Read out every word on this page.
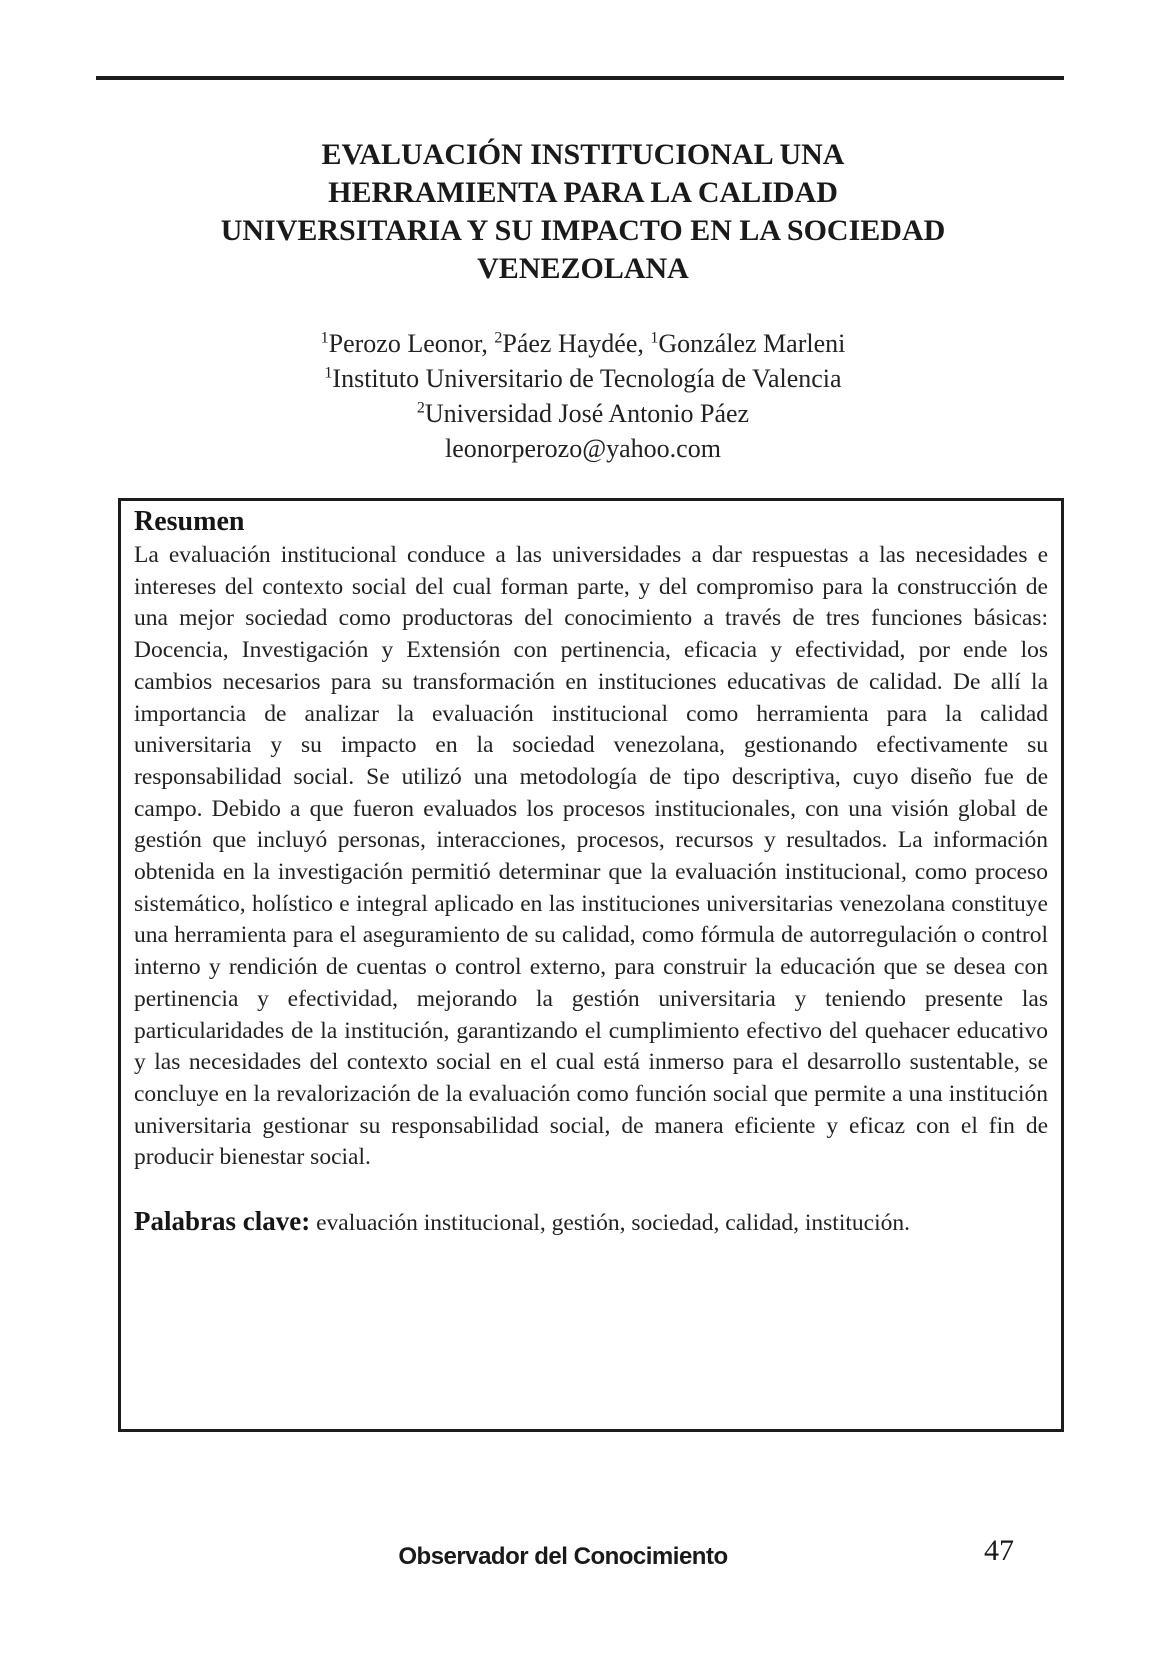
EVALUACIÓN INSTITUCIONAL UNA
HERRAMIENTA PARA LA CALIDAD
UNIVERSITARIA Y SU IMPACTO EN LA SOCIEDAD
VENEZOLANA
$^1$Perozo Leonor, $^2$Páez Haydée, $^1$González Marleni
$^1$Instituto Universitario de Tecnología de Valencia
$^2$Universidad José Antonio Páez
leonorperozo@yahoo.com
Resumen

La evaluación institucional conduce a las universidades a dar respuestas a las necesidades e intereses del contexto social del cual forman parte, y del compromiso para la construcción de una mejor sociedad como productoras del conocimiento a través de tres funciones básicas: Docencia, Investigación y Extensión con pertinencia, eficacia y efectividad, por ende los cambios necesarios para su transformación en instituciones educativas de calidad. De allí la importancia de analizar la evaluación institucional como herramienta para la calidad universitaria y su impacto en la sociedad venezolana, gestionando efectivamente su responsabilidad social. Se utilizó una metodología de tipo descriptiva, cuyo diseño fue de campo. Debido a que fueron evaluados los procesos institucionales, con una visión global de gestión que incluyó personas, interacciones, procesos, recursos y resultados. La información obtenida en la investigación permitió determinar que la evaluación institucional, como proceso sistemático, holístico e integral aplicado en las instituciones universitarias venezolana constituye una herramienta para el aseguramiento de su calidad, como fórmula de autorregulación o control interno y rendición de cuentas o control externo, para construir la educación que se desea con pertinencia y efectividad, mejorando la gestión universitaria y teniendo presente las particularidades de la institución, garantizando el cumplimiento efectivo del quehacer educativo y las necesidades del contexto social en el cual está inmerso para el desarrollo sustentable, se concluye en la revalorización de la evaluación como función social que permite a una institución universitaria gestionar su responsabilidad social, de manera eficiente y eficaz con el fin de producir bienestar social.

Palabras clave: evaluación institucional, gestión, sociedad, calidad, institución.

Observador del Conocimiento	47
